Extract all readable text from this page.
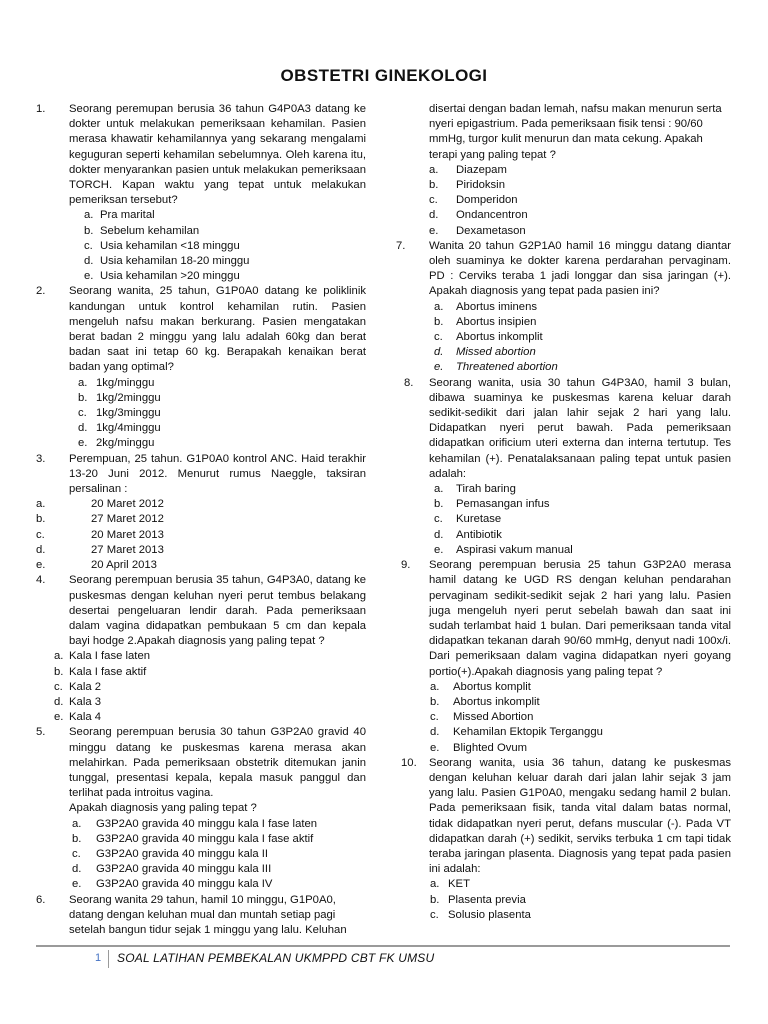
OBSTETRI GINEKOLOGI
1.	Seorang peremupan berusia 36 tahun G4P0A3 datang ke dokter untuk melakukan pemeriksaan kehamilan. Pasien merasa khawatir kehamilannya yang sekarang mengalami keguguran seperti kehamilan sebelumnya. Oleh karena itu, dokter menyarankan pasien untuk melakukan pemeriksaan TORCH. Kapan waktu yang tepat untuk melakukan pemeriksan tersebut?
a. Pra marital
b. Sebelum kehamilan
c. Usia kehamilan <18 minggu
d. Usia kehamilan 18-20 minggu
e. Usia kehamilan >20 minggu
2.	Seorang wanita, 25 tahun, G1P0A0 datang ke poliklinik kandungan untuk kontrol kehamilan rutin. Pasien mengeluh nafsu makan berkurang. Pasien mengatakan berat badan 2 minggu yang lalu adalah 60kg dan berat badan saat ini tetap 60 kg. Berapakah kenaikan berat badan yang optimal?
a. 1kg/minggu
b. 1kg/2minggu
c. 1kg/3minggu
d. 1kg/4minggu
e. 2kg/minggu
3.	Perempuan, 25 tahun. G1P0A0 kontrol ANC. Haid terakhir 13-20 Juni 2012. Menurut rumus Naeggle, taksiran persalinan :
a.	20 Maret 2012
b.	27 Maret 2012
c.	20 Maret 2013
d.	27 Maret 2013
e.	20 April 2013
4.	Seorang perempuan berusia 35 tahun, G4P3A0, datang ke puskesmas dengan keluhan nyeri perut tembus belakang desertai pengeluaran lendir darah. Pada pemeriksaan dalam vagina didapatkan pembukaan 5 cm dan kepala bayi hodge 2.Apakah diagnosis yang paling tepat ?
a. Kala I fase laten
b. Kala I fase aktif
c. Kala 2
d. Kala 3
e. Kala 4
5.	Seorang perempuan berusia 30 tahun G3P2A0 gravid 40 minggu datang ke puskesmas karena merasa akan melahirkan. Pada pemeriksaan obstetrik ditemukan janin tunggal, presentasi kepala, kepala masuk panggul dan terlihat pada introitus vagina.
Apakah diagnosis yang paling tepat ?
a. G3P2A0 gravida 40 minggu kala I fase laten
b. G3P2A0 gravida 40 minggu kala I fase aktif
c. G3P2A0 gravida 40 minggu kala II
d. G3P2A0 gravida 40 minggu kala III
e. G3P2A0 gravida 40 minggu kala IV
6.	Seorang wanita 29 tahun, hamil 10 minggu, G1P0A0, datang dengan keluhan mual dan muntah setiap pagi setelah bangun tidur sejak 1 minggu yang lalu. Keluhan
disertai dengan badan lemah, nafsu makan menurun serta nyeri epigastrium. Pada pemeriksaan fisik tensi : 90/60 mmHg, turgor kulit menurun dan mata cekung. Apakah terapi yang paling tepat ?
a. Diazepam
b. Piridoksin
c. Domperidon
d. Ondancentron
e. Dexametason
7.	Wanita 20 tahun G2P1A0 hamil 16 minggu datang diantar oleh suaminya ke dokter karena perdarahan pervaginam. PD : Cerviks teraba 1 jadi longgar dan sisa jaringan (+). Apakah diagnosis yang tepat pada pasien ini?
a. Abortus iminens
b. Abortus insipien
c. Abortus inkomplit
d. Missed abortion
e. Threatened abortion
8.	Seorang wanita, usia 30 tahun G4P3A0, hamil 3 bulan, dibawa suaminya ke puskesmas karena keluar darah sedikit-sedikit dari jalan lahir sejak 2 hari yang lalu. Didapatkan nyeri perut bawah. Pada pemeriksaan didapatkan orificium uteri externa dan interna tertutup. Tes kehamilan (+). Penatalaksanaan paling tepat untuk pasien adalah:
a. Tirah baring
b. Pemasangan infus
c. Kuretase
d. Antibiotik
e. Aspirasi vakum manual
9.	Seorang perempuan berusia 25 tahun G3P2A0 merasa hamil datang ke UGD RS dengan keluhan pendarahan pervaginam sedikit-sedikit sejak 2 hari yang lalu. Pasien juga mengeluh nyeri perut sebelah bawah dan saat ini sudah terlambat haid 1 bulan. Dari pemeriksaan tanda vital didapatkan tekanan darah 90/60 mmHg, denyut nadi 100x/i. Dari pemeriksaan dalam vagina didapatkan nyeri goyang portio(+).Apakah diagnosis yang paling tepat ?
a. Abortus komplit
b. Abortus inkomplit
c. Missed Abortion
d. Kehamilan Ektopik Terganggu
e. Blighted Ovum
10.	Seorang wanita, usia 36 tahun, datang ke puskesmas dengan keluhan keluar darah dari jalan lahir sejak 3 jam yang lalu. Pasien G1P0A0, mengaku sedang hamil 2 bulan. Pada pemeriksaan fisik, tanda vital dalam batas normal, tidak didapatkan nyeri perut, defans muscular (-). Pada VT didapatkan darah (+) sedikit, serviks terbuka 1 cm tapi tidak teraba jaringan plasenta. Diagnosis yang tepat pada pasien ini adalah:
a. KET
b. Plasenta previa
c. Solusio plasenta
1 SOAL LATIHAN PEMBEKALAN UKMPPD CBT FK UMSU
